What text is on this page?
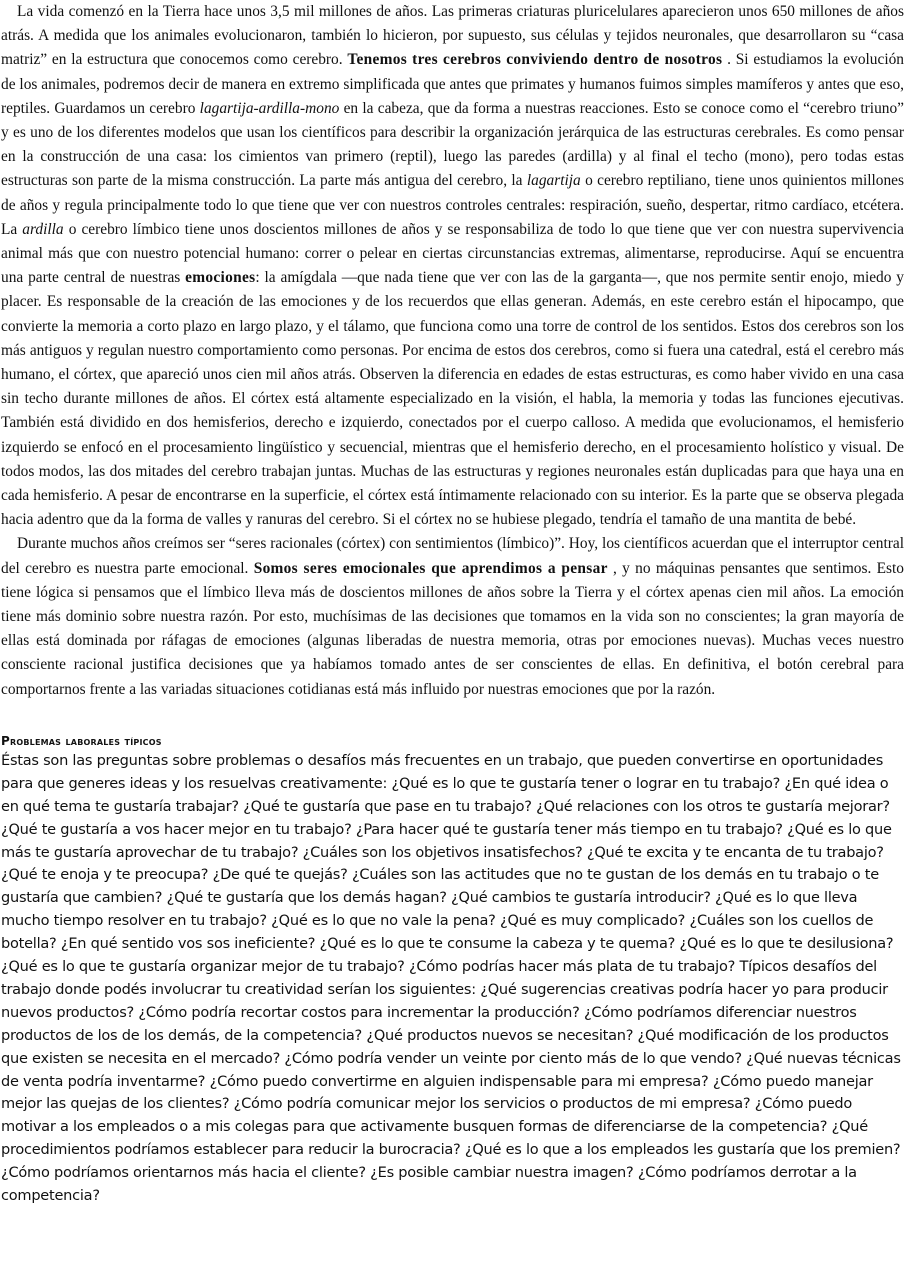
La vida comenzó en la Tierra hace unos 3,5 mil millones de años. Las primeras criaturas pluricelulares aparecieron unos 650 millones de años atrás. A medida que los animales evolucionaron, también lo hicieron, por supuesto, sus células y tejidos neuronales, que desarrollaron su “casa matriz” en la estructura que conocemos como cerebro. Tenemos tres cerebros conviviendo dentro de nosotros . Si estudiamos la evolución de los animales, podremos decir de manera en extremo simplificada que antes que primates y humanos fuimos simples mamíferos y antes que eso, reptiles. Guardamos un cerebro lagartija-ardilla-mono en la cabeza, que da forma a nuestras reacciones. Esto se conoce como el “cerebro triuno” y es uno de los diferentes modelos que usan los científicos para describir la organización jerárquica de las estructuras cerebrales. Es como pensar en la construcción de una casa: los cimientos van primero (reptil), luego las paredes (ardilla) y al final el techo (mono), pero todas estas estructuras son parte de la misma construcción. La parte más antigua del cerebro, la lagartija o cerebro reptiliano, tiene unos quinientos millones de años y regula principalmente todo lo que tiene que ver con nuestros controles centrales: respiración, sueño, despertar, ritmo cardíaco, etcétera. La ardilla o cerebro límbico tiene unos doscientos millones de años y se responsabiliza de todo lo que tiene que ver con nuestra supervivencia animal más que con nuestro potencial humano: correr o pelear en ciertas circunstancias extremas, alimentarse, reproducirse. Aquí se encuentra una parte central de nuestras emociones: la amígdala —que nada tiene que ver con las de la garganta—, que nos permite sentir enojo, miedo y placer. Es responsable de la creación de las emociones y de los recuerdos que ellas generan. Además, en este cerebro están el hipocampo, que convierte la memoria a corto plazo en largo plazo, y el tálamo, que funciona como una torre de control de los sentidos. Estos dos cerebros son los más antiguos y regulan nuestro comportamiento como personas. Por encima de estos dos cerebros, como si fuera una catedral, está el cerebro más humano, el córtex, que apareció unos cien mil años atrás. Observen la diferencia en edades de estas estructuras, es como haber vivido en una casa sin techo durante millones de años. El córtex está altamente especializado en la visión, el habla, la memoria y todas las funciones ejecutivas. También está dividido en dos hemisferios, derecho e izquierdo, conectados por el cuerpo calloso. A medida que evolucionamos, el hemisferio izquierdo se enfocó en el procesamiento lingüístico y secuencial, mientras que el hemisferio derecho, en el procesamiento holístico y visual. De todos modos, las dos mitades del cerebro trabajan juntas. Muchas de las estructuras y regiones neuronales están duplicadas para que haya una en cada hemisferio. A pesar de encontrarse en la superficie, el córtex está íntimamente relacionado con su interior. Es la parte que se observa plegada hacia adentro que da la forma de valles y ranuras del cerebro. Si el córtex no se hubiese plegado, tendría el tamaño de una mantita de bebé.

Durante muchos años creímos ser “seres racionales (córtex) con sentimientos (límbico)”. Hoy, los científicos acuerdan que el interruptor central del cerebro es nuestra parte emocional. Somos seres emocionales que aprendimos a pensar , y no máquinas pensantes que sentimos. Esto tiene lógica si pensamos que el límbico lleva más de doscientos millones de años sobre la Tierra y el córtex apenas cien mil años. La emoción tiene más dominio sobre nuestra razón. Por esto, muchísimas de las decisiones que tomamos en la vida son no conscientes; la gran mayoría de ellas está dominada por ráfagas de emociones (algunas liberadas de nuestra memoria, otras por emociones nuevas). Muchas veces nuestro consciente racional justifica decisiones que ya habíamos tomado antes de ser conscientes de ellas. En definitiva, el botón cerebral para comportarnos frente a las variadas situaciones cotidianas está más influido por nuestras emociones que por la razón.

Problemas laborales típicos
Éstas son las preguntas sobre problemas o desafíos más frecuentes en un trabajo, que pueden convertirse en oportunidades para que generes ideas y los resuelvas creativamente: ¿Qué es lo que te gustaría tener o lograr en tu trabajo? ¿En qué idea o en qué tema te gustaría trabajar? ¿Qué te gustaría que pase en tu trabajo? ¿Qué relaciones con los otros te gustaría mejorar? ¿Qué te gustaría a vos hacer mejor en tu trabajo? ¿Para hacer qué te gustaría tener más tiempo en tu trabajo? ¿Qué es lo que más te gustaría aprovechar de tu trabajo? ¿Cuáles son los objetivos insatisfechos? ¿Qué te excita y te encanta de tu trabajo? ¿Qué te enoja y te preocupa? ¿De qué te quejás? ¿Cuáles son las actitudes que no te gustan de los demás en tu trabajo o te gustaría que cambien? ¿Qué te gustaría que los demás hagan? ¿Qué cambios te gustaría introducir? ¿Qué es lo que lleva mucho tiempo resolver en tu trabajo? ¿Qué es lo que no vale la pena? ¿Qué es muy complicado? ¿Cuáles son los cuellos de botella? ¿En qué sentido vos sos ineficiente? ¿Qué es lo que te consume la cabeza y te quema? ¿Qué es lo que te desilusiona? ¿Qué es lo que te gustaría organizar mejor de tu trabajo? ¿Cómo podrías hacer más plata de tu trabajo? Típicos desafíos del trabajo donde podés involucrar tu creatividad serían los siguientes: ¿Qué sugerencias creativas podría hacer yo para producir nuevos productos? ¿Cómo podría recortar costos para incrementar la producción? ¿Cómo podríamos diferenciar nuestros productos de los de los demás, de la competencia? ¿Qué productos nuevos se necesitan? ¿Qué modificación de los productos que existen se necesita en el mercado? ¿Cómo podría vender un veinte por ciento más de lo que vendo? ¿Qué nuevas técnicas de venta podría inventarme? ¿Cómo puedo convertirme en alguien indispensable para mi empresa? ¿Cómo puedo manejar mejor las quejas de los clientes? ¿Cómo podría comunicar mejor los servicios o productos de mi empresa? ¿Cómo puedo motivar a los empleados o a mis colegas para que activamente busquen formas de diferenciarse de la competencia? ¿Qué procedimientos podríamos establecer para reducir la burocracia? ¿Qué es lo que a los empleados les gustaría que los premien? ¿Cómo podríamos orientarnos más hacia el cliente? ¿Es posible cambiar nuestra imagen? ¿Cómo podríamos derrotar a la competencia?
